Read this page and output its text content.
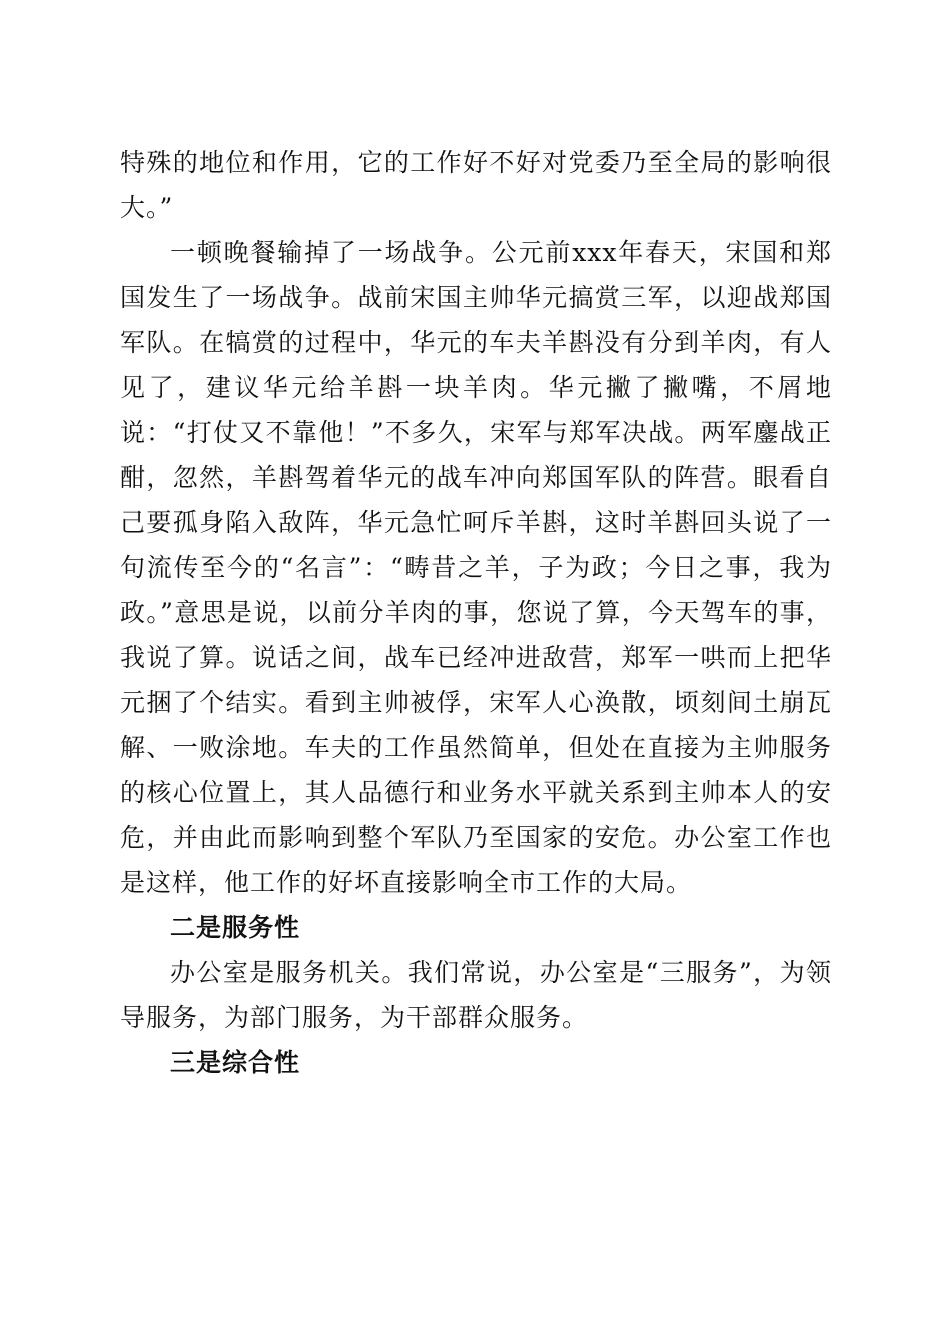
特殊的地位和作用，它的工作好不好对党委乃至全局的影响很大。”

一顿晚餐输掉了一场战争。公元前xxx年春天，宋国和郑国发生了一场战争。战前宋国主帅华元搞赏三军，以迎战郑国军队。在犒赏的过程中，华元的车夫羊斟没有分到羊肉，有人见了，建议华元给羊斟一块羊肉。华元撇了撇嘴，不屑地说：“打仗又不靠他！”不多久，宋军与郑军决战。两军鏖战正酣，忽然，羊斟驾着华元的战车冲向郑国军队的阵营。眼看自己要孤身陷入敌阵，华元急忙呵斥羊斟，这时羊斟回头说了一句流传至今的“名言”：“畴昔之羊，子为政；今日之事，我为政。”意思是说，以前分羊肉的事，您说了算，今天驾车的事，我说了算。说话之间，战车已经冲进敌营，郑军一哄而上把华元捆了个结实。看到主帅被俘，宋军人心涣散，顷刻间土崩瓦解、一败涂地。车夫的工作虽然简单，但处在直接为主帅服务的核心位置上，其人品德行和业务水平就关系到主帅本人的安危，并由此而影响到整个军队乃至国家的安危。办公室工作也是这样，他工作的好坏直接影响全市工作的大局。

二是服务性

办公室是服务机关。我们常说，办公室是“三服务”，为领导服务，为部门服务，为干部群众服务。

三是综合性
